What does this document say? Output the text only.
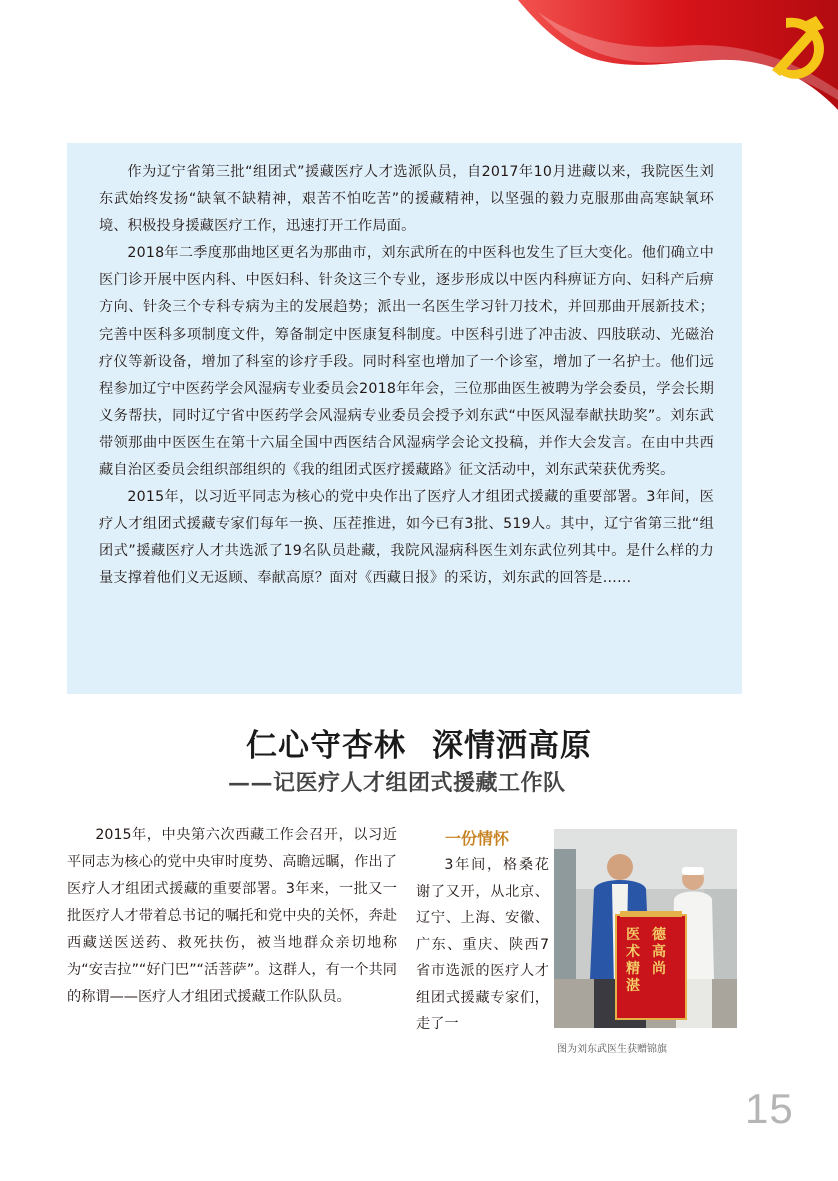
作为辽宁省第三批“组团式”援藏医疗人才选派队员，自2017年10月进藏以来，我院医生刘东武始终发扬“缺氧不缺精神，艰苦不怕吃苦”的援藏精神，以坚强的毅力克服那曲高寒缺氧环境、积极投身援藏医疗工作，迅速打开工作局面。

2018年二季度那曲地区更名为那曲市，刘东武所在的中医科也发生了巨大变化。他们确立中医门诊开展中医内科、中医妇科、针灸这三个专业，逐步形成以中医内科痹证方向、妇科产后痹方向、针灸三个专科专病为主的发展趋势；派出一名医生学习针刀技术，并回那曲开展新技术；完善中医科多项制度文件，筹备制定中医康复科制度。中医科引进了冲击波、四肢联动、光磁治疗仪等新设备，增加了科室的诊疗手段。同时科室也增加了一个诊室，增加了一名护士。他们远程参加辽宁中医药学会风湿病专业委员会2018年年会，三位那曲医生被聘为学会委员，学会长期义务帮扶，同时辽宁省中医药学会风湿病专业委员会授予刘东武“中医风湿奉献扶助奖”。刘东武带领那曲中医医生在第十六届全国中西医结合风湿病学会论文投稿，并作大会发言。在由中共西藏自治区委员会组织部组织的《我的组团式医疗援藏路》征文活动中，刘东武荣获优秀奖。

2015年，以习近平同志为核心的党中央作出了医疗人才组团式援藏的重要部署。3年间，医疗人才组团式援藏专家们每年一换、压茬推进，如今已有3批、519人。其中，辽宁省第三批“组团式”援藏医疗人才共选派了19名队员赴藏，我院风湿病科医生刘东武位列其中。是什么样的力量支撑着他们义无返顾、奉献高原？面对《西藏日报》的采访，刘东武的回答是……

仁心守杏林 深情洒高原
——记医疗人才组团式援藏工作队

2015年，中央第六次西藏工作会召开，以习近平同志为核心的党中央审时度势、高瞻远瞩，作出了医疗人才组团式援藏的重要部署。3年来，一批又一批医疗人才带着总书记的嘱托和党中央的关怀，奔赴西藏送医送药、救死扶伤，被当地群众亲切地称为“安吉拉”“好门巴”“活菩萨”。这群人，有一个共同的称谓——医疗人才组团式援藏工作队队员。

一份情怀

3年间，格桑花谢了又开，从北京、辽宁、上海、安徽、广东、重庆、陕西7省市选派的医疗人才组团式援藏专家们，走了一

医术精湛
德高尚

图为刘东武医生获赠锦旗

15
